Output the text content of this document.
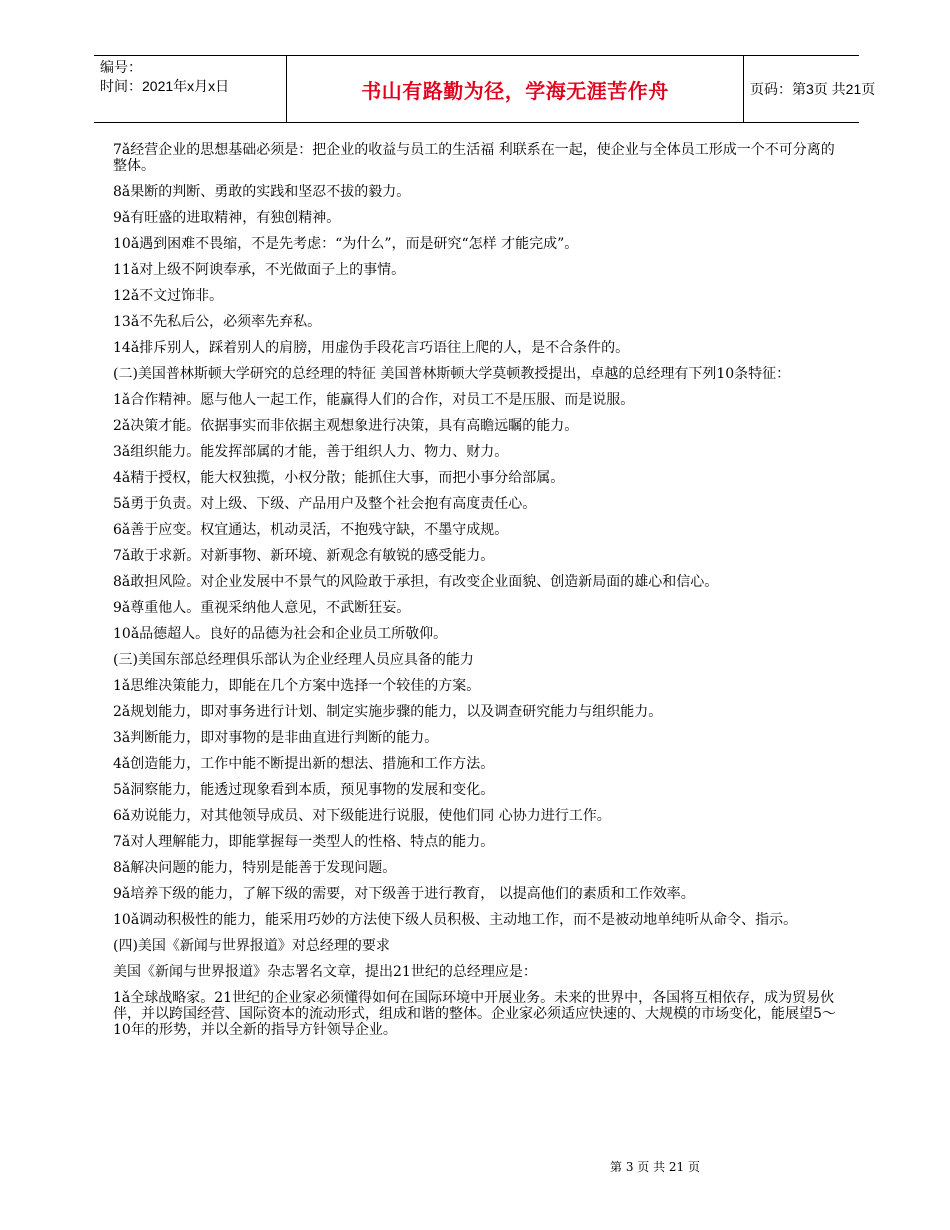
编号：
时间：2021年x月x日	书山有路勤为径，学海无涯苦作舟	页码：第3页 共21页

7ǎ经营企业的思想基础必须是：把企业的收益与员工的生活福 利联系在一起，使企业与全体员工形成一个不可分离的整体。

8ǎ果断的判断、勇敢的实践和坚忍不拔的毅力。

9ǎ有旺盛的进取精神，有独创精神。

10ǎ遇到困难不畏缩，不是先考虑：“为什么”，而是研究“怎样 才能完成”。

11ǎ对上级不阿谀奉承，不光做面子上的事情。

12ǎ不文过饰非。

13ǎ不先私后公，必须率先弃私。

14ǎ排斥别人，踩着别人的肩膀，用虚伪手段花言巧语往上爬的人，是不合条件的。

(二)美国普林斯顿大学研究的总经理的特征 美国普林斯顿大学莫顿教授提出，卓越的总经理有下列10条特征：

1ǎ合作精神。愿与他人一起工作，能赢得人们的合作，对员工不是压服、而是说服。

2ǎ决策才能。依据事实而非依据主观想象进行决策，具有高瞻远瞩的能力。

3ǎ组织能力。能发挥部属的才能，善于组织人力、物力、财力。

4ǎ精于授权，能大权独揽，小权分散；能抓住大事，而把小事分给部属。

5ǎ勇于负责。对上级、下级、产品用户及整个社会抱有高度责任心。

6ǎ善于应变。权宜通达，机动灵活，不抱残守缺，不墨守成规。

7ǎ敢于求新。对新事物、新环境、新观念有敏锐的感受能力。

8ǎ敢担风险。对企业发展中不景气的风险敢于承担，有改变企业面貌、创造新局面的雄心和信心。

9ǎ尊重他人。重视采纳他人意见，不武断狂妄。

10ǎ品德超人。良好的品德为社会和企业员工所敬仰。

(三)美国东部总经理俱乐部认为企业经理人员应具备的能力

1ǎ思维决策能力，即能在几个方案中选择一个较佳的方案。

2ǎ规划能力，即对事务进行计划、制定实施步骤的能力，以及调查研究能力与组织能力。

3ǎ判断能力，即对事物的是非曲直进行判断的能力。

4ǎ创造能力，工作中能不断提出新的想法、措施和工作方法。

5ǎ洞察能力，能透过现象看到本质，预见事物的发展和变化。

6ǎ劝说能力，对其他领导成员、对下级能进行说服，使他们同 心协力进行工作。

7ǎ对人理解能力，即能掌握每一类型人的性格、特点的能力。

8ǎ解决问题的能力，特别是能善于发现问题。

9ǎ培养下级的能力，了解下级的需要，对下级善于进行教育， 以提高他们的素质和工作效率。

10ǎ调动积极性的能力，能采用巧妙的方法使下级人员积极、主动地工作，而不是被动地单纯听从命令、指示。

(四)美国《新闻与世界报道》对总经理的要求

美国《新闻与世界报道》杂志署名文章，提出21世纪的总经理应是：

1ǎ全球战略家。21世纪的企业家必须懂得如何在国际环境中开展业务。未来的世界中，各国将互相依存，成为贸易伙伴，并以跨国经营、国际资本的流动形式，组成和谐的整体。企业家必须适应快速的、大规模的市场变化，能展望5～10年的形势，并以全新的指导方针领导企业。

第 3 页 共 21 页
